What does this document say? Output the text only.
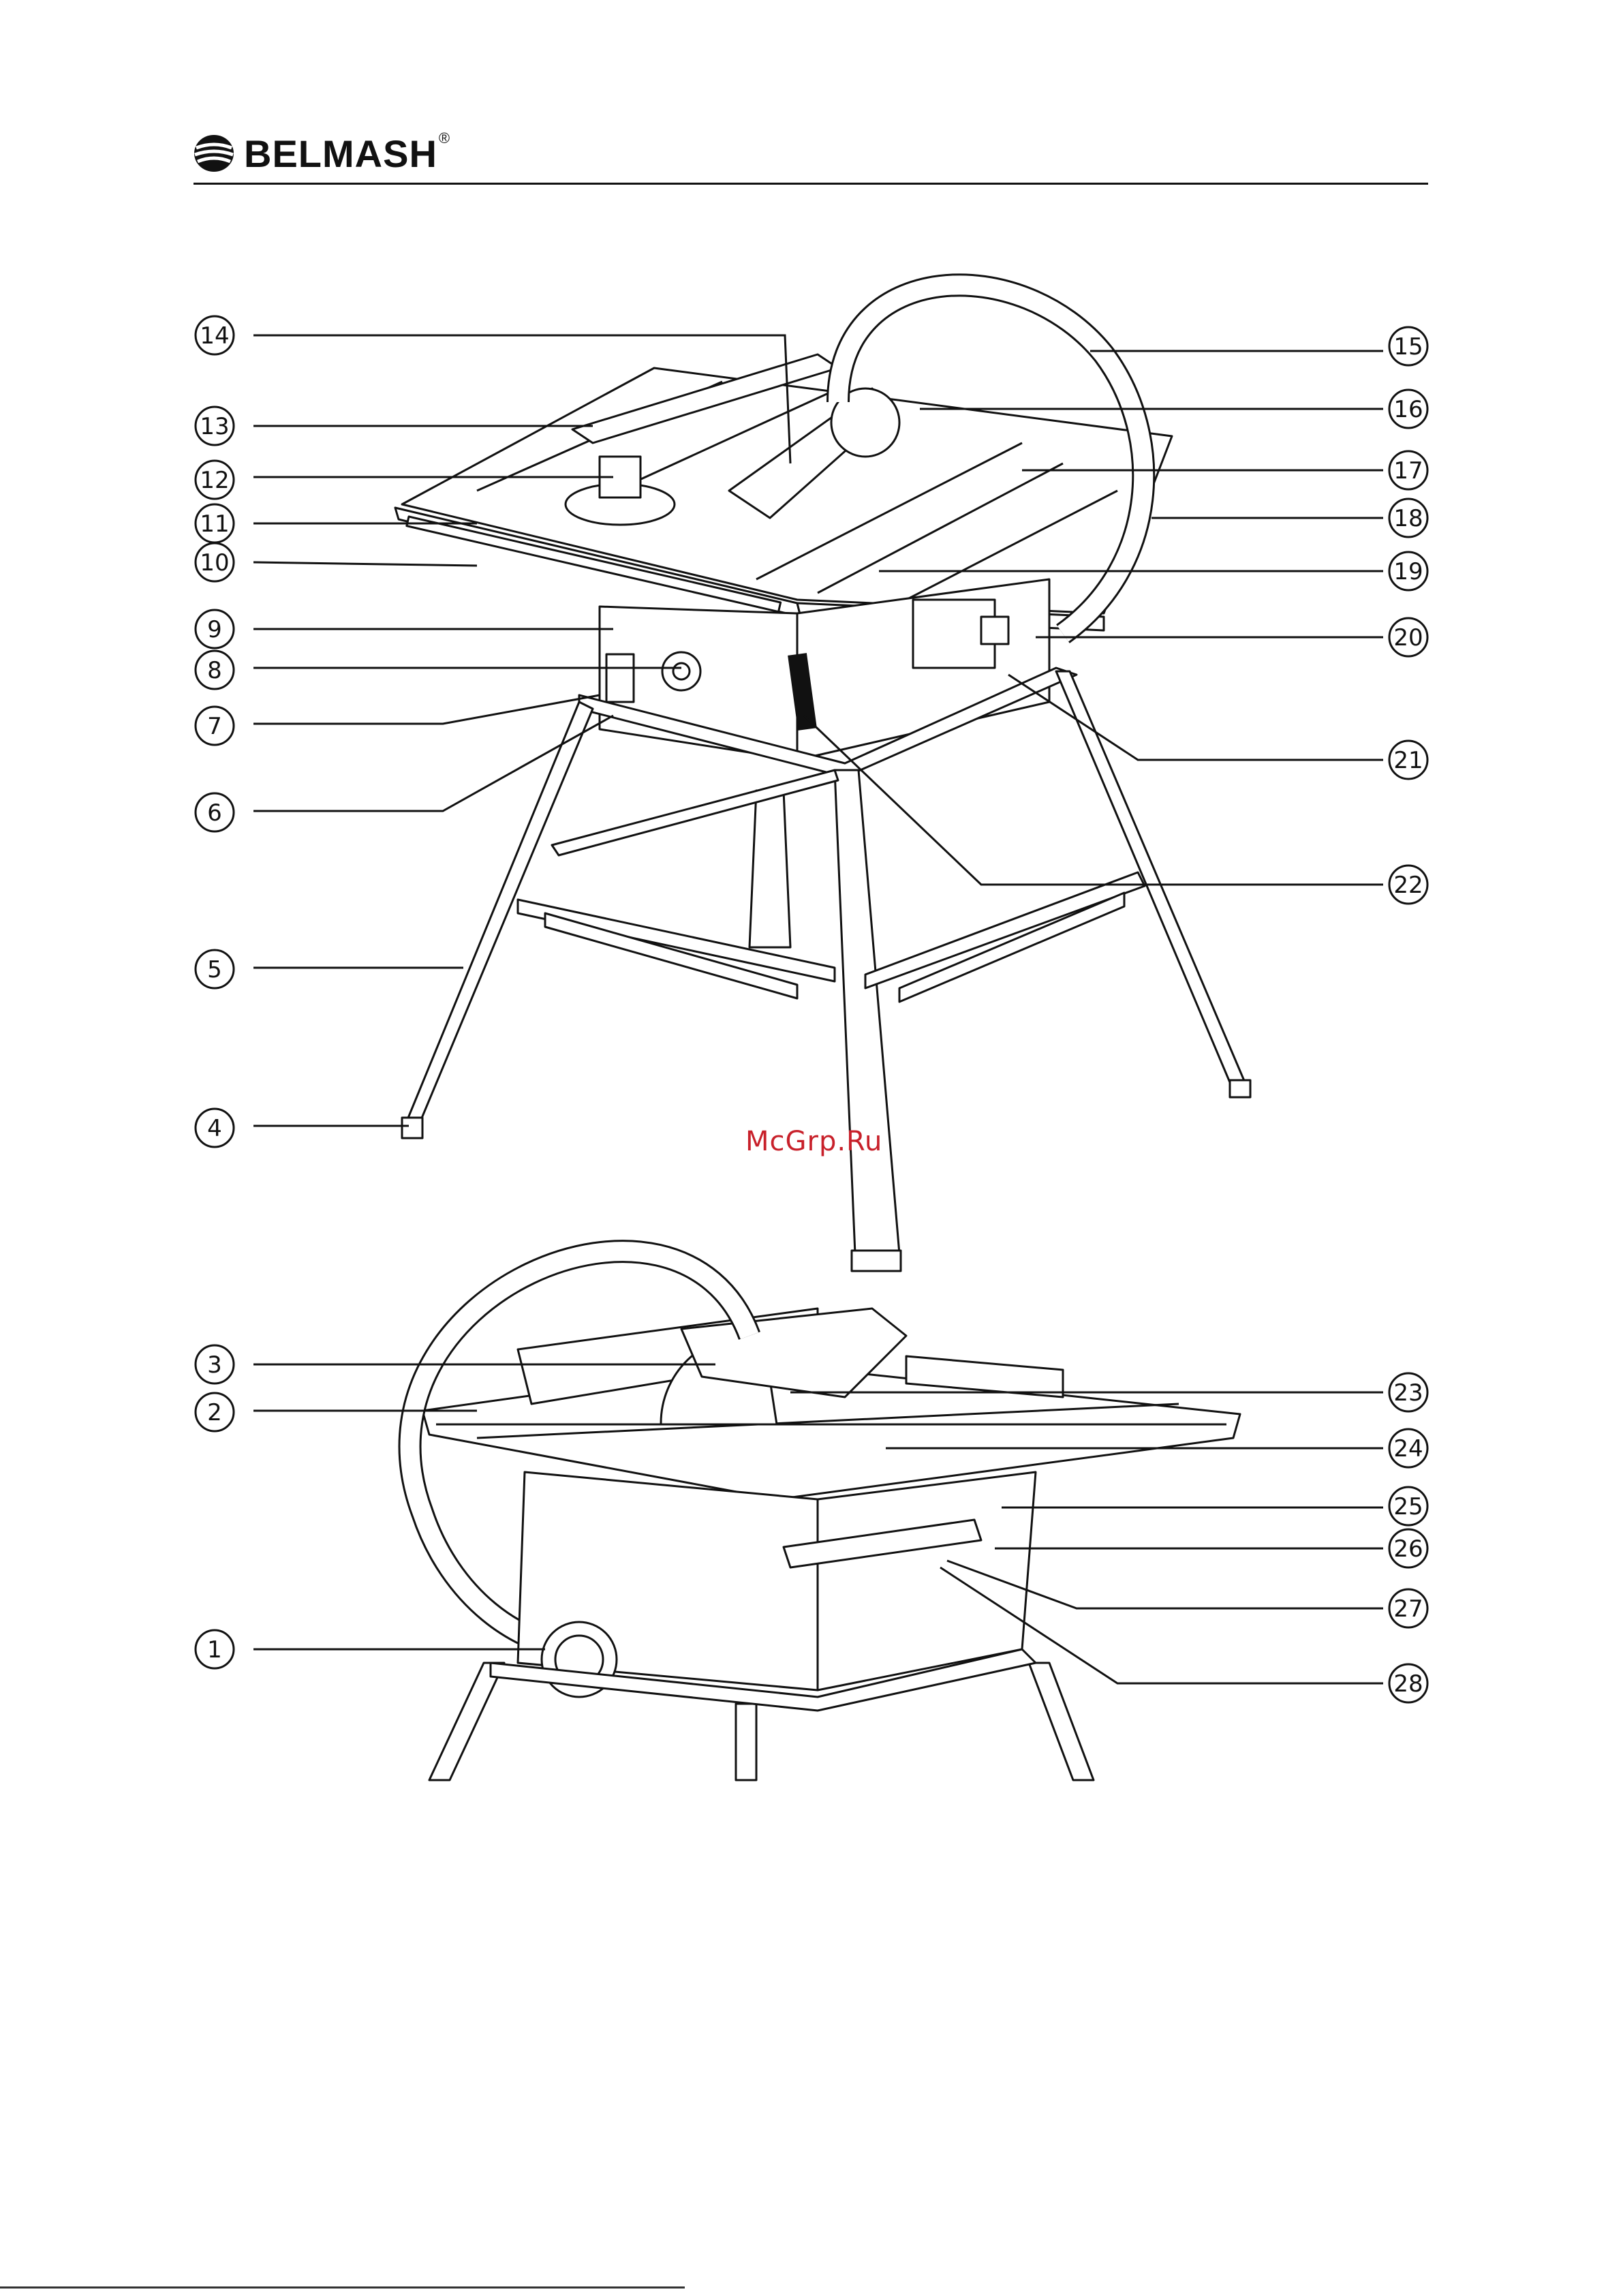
BELMASH ®
14
13
12
11
10
9
8
7
6
5
4
3
2
1
15
16
17
18
19
20
21
22
23
24
25
26
27
28
McGrp.Ru
